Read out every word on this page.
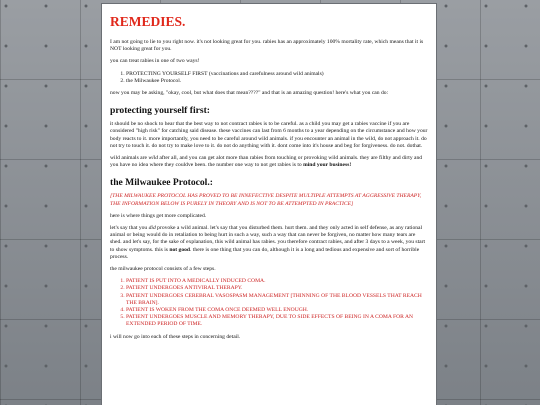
REMEDIES.

I am not going to lie to you right now. it's not looking great for you. rabies has an approximately 100% mortality rate, which means that it is NOT looking great for you.

you can treat rabies in one of two ways!

1. PROTECTING YOURSELF FIRST (vaccinations and carefulness around wild animals)
2. the Milwaukee Protocol.

now you may be asking, "okay, cool, but what does that mean????" and that is an amazing question! here's what you can do:

protecting yourself first:

it should be no shock to hear that the best way to not contract rabies is to be careful. as a child you may get a rabies vaccine if you are considered "high risk" for catching said disease. these vaccines can last from 6 months to a year depending on the circumstance and how your body reacts to it. more importantly, you need to be careful around wild animals. if you encounter an animal in the wild, do not approach it. do not try to touch it. do not try to make love to it. do not do anything with it. dont come into it's house and beg for forgiveness. do not. dothat.

wild animals are wild after all, and you can get alot more than rabies from touching or provoking wild animals. they are filthy and dirty and you have no idea where they couldve been. the number one way to not get rabies is to mind your business!

the Milwaukee Protocol.:

[THE MILWAUKEE PROTOCOL HAS PROVED TO BE INNEFECTIVE DESPITE MULTIPLE ATTEMPTS AT AGGRESSIVE THERAPY, THE INFORMATION BELOW IS PURELY IN THEORY AND IS NOT TO BE ATTEMPTED IN PRACTICE]

here is where things get more complicated.

let's say that you did provoke a wild animal. let's say that you disturbed them. hurt them. and they only acted in self defense, as any rational animal or being would do in retaliation to being hurt in such a way, such a way that can never be forgiven, no matter how many tears are shed. and let's say, for the sake of explanation, this wild animal has rabies. you therefore contract rabies, and after 3 days to a week, you start to show symptoms. this is not good. there is one thing that you can do, although it is a long and tedious and expensive and sort of horrible process.

the milwaukee protocol consists of a few steps.

1. PATIENT IS PUT INTO A MEDICALLY INDUCED COMA.
2. PATIENT UNDERGOES ANTIVIRAL THERAPY.
3. PATIENT UNDERGOES CEREBRAL VASOSPASM MANAGEMENT [THINNING OF THE BLOOD VESSELS THAT REACH THE BRAIN].
4. PATIENT IS WOKEN FROM THE COMA ONCE DEEMED WELL ENOUGH.
5. PATIENT UNDERGOES MUSCLE AND MEMORY THERAPY, DUE TO SIDE EFFECTS OF BEING IN A COMA FOR AN EXTENDED PERIOD OF TIME.

i will now go into each of these steps in concerning detail.
